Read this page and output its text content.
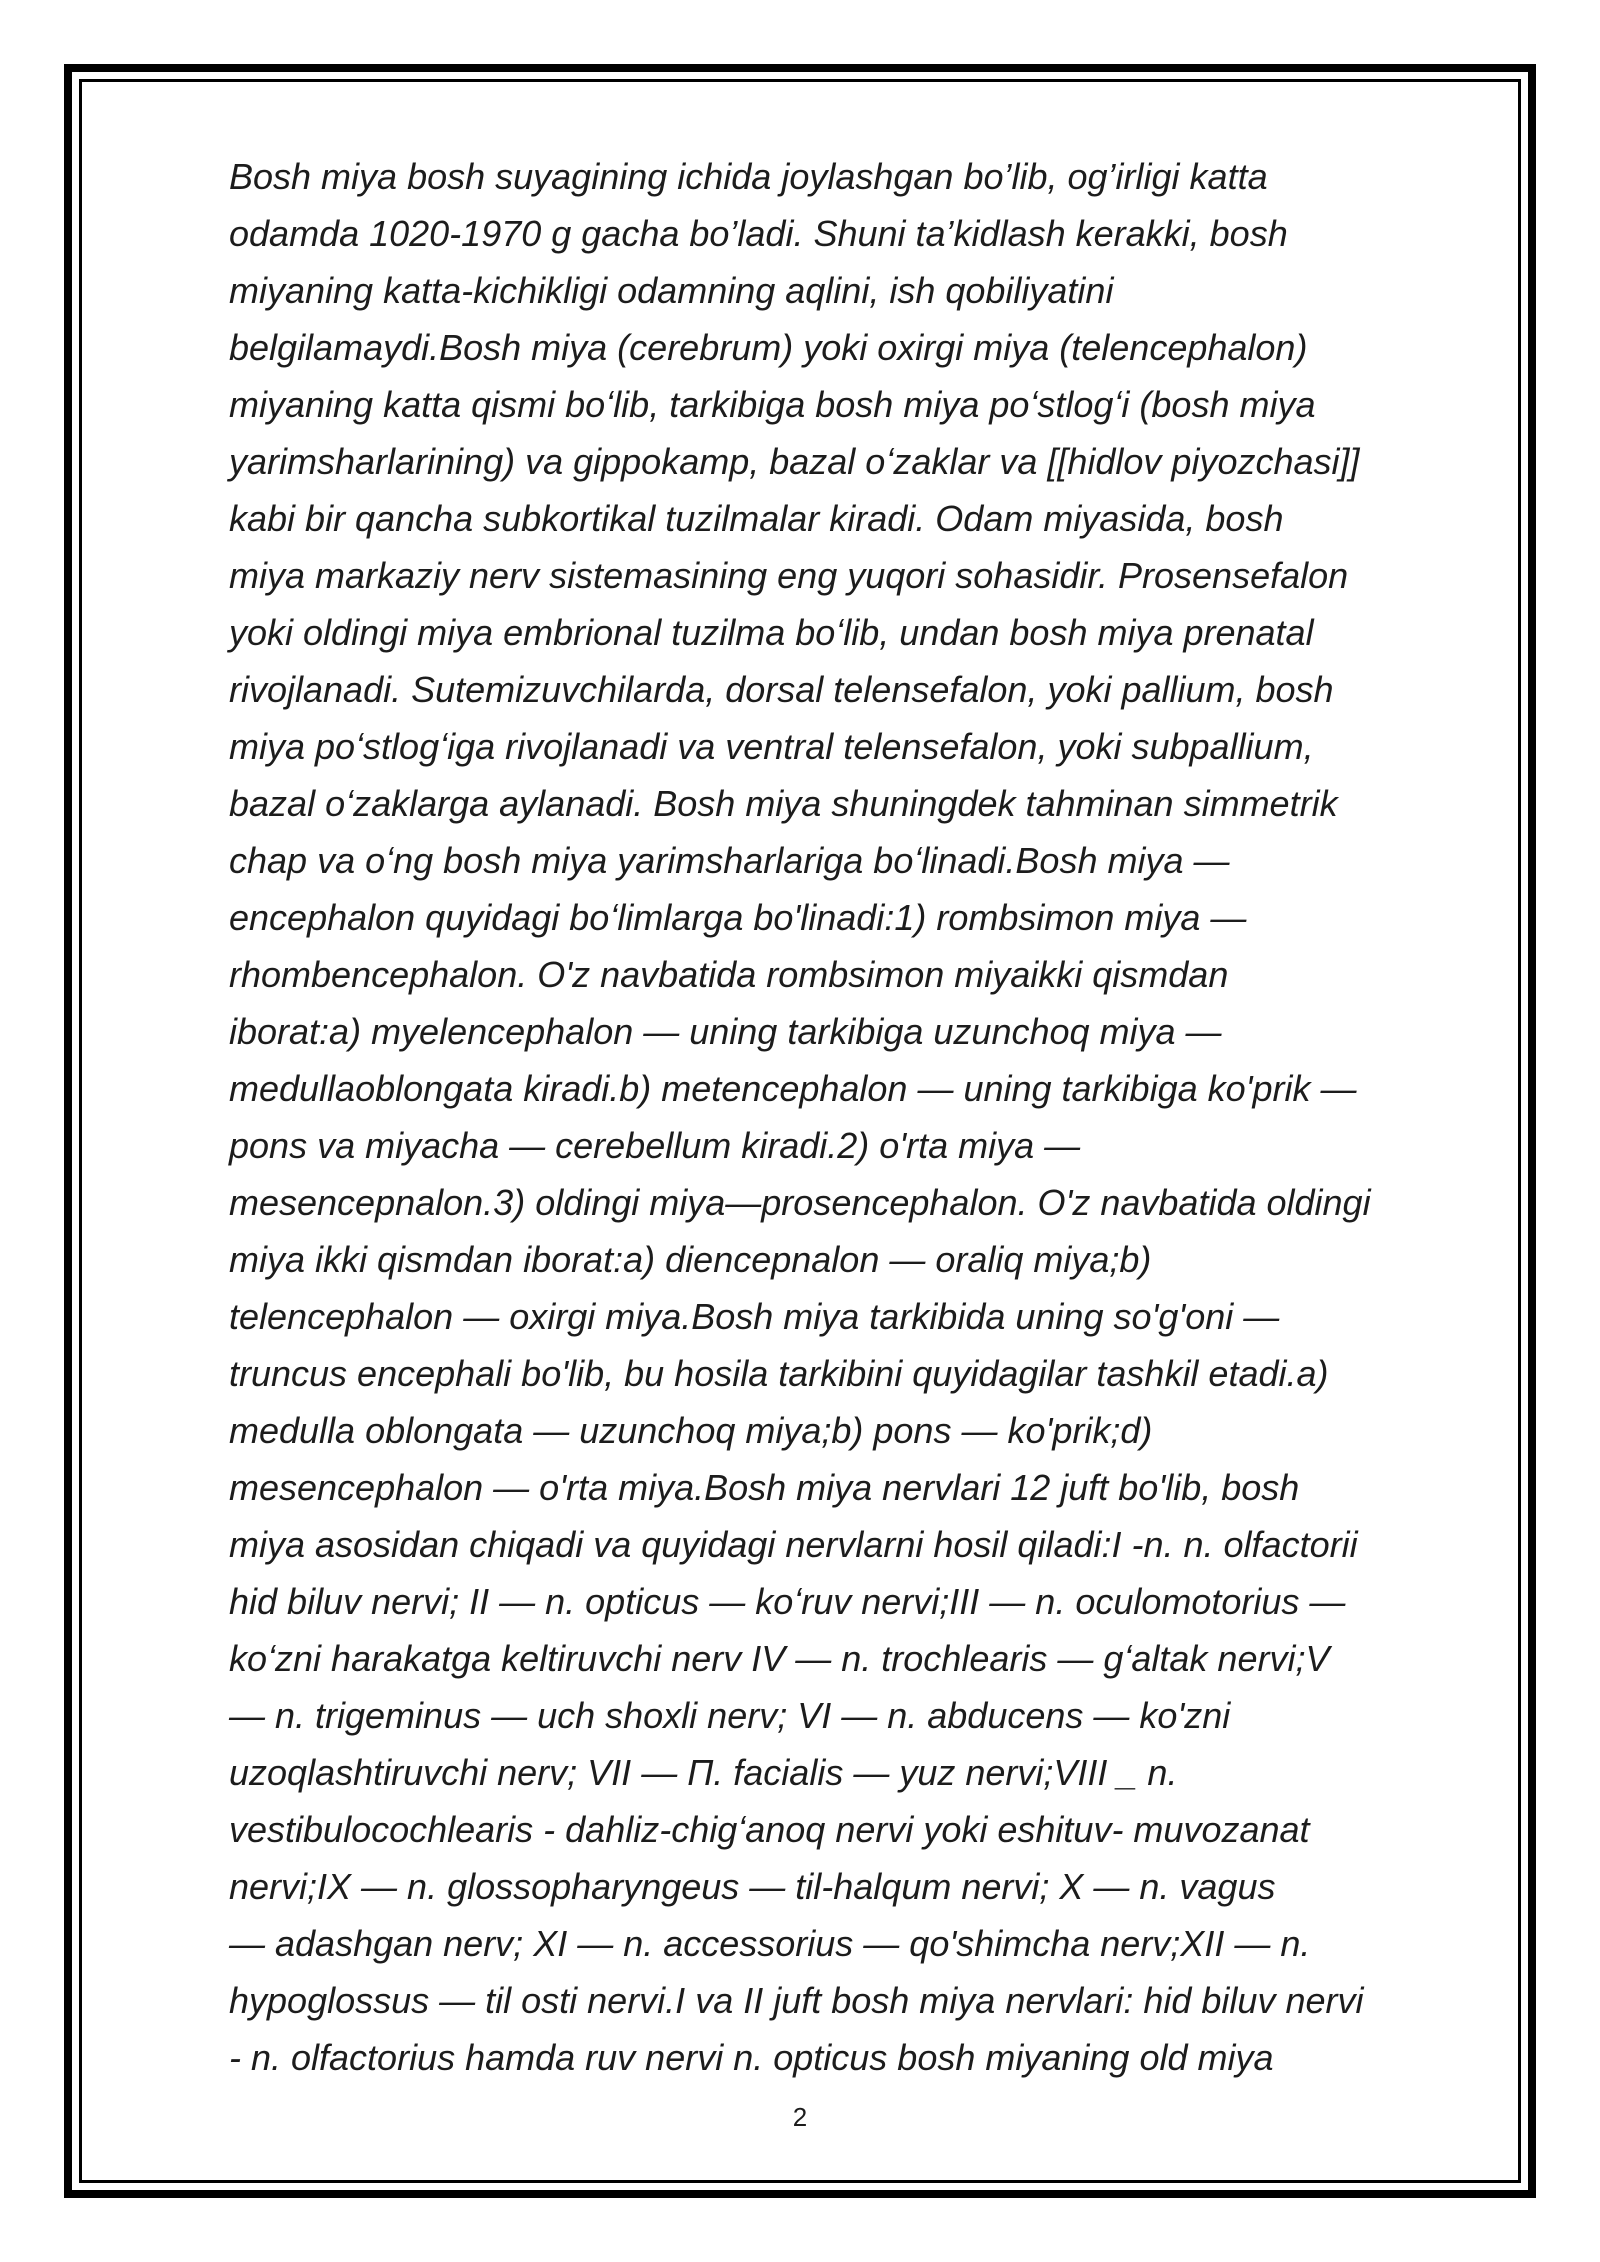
Bosh miya bosh suyagining ichida joylashgan bo’lib, og’irligi katta
odamda 1020-1970 g gacha bo’ladi. Shuni ta’kidlash kerakki, bosh
miyaning katta-kichikligi odamning aqlini, ish qobiliyatini
belgilamaydi.Bosh miya (cerebrum) yoki oxirgi miya (telencephalon)
miyaning katta qismi boʻlib, tarkibiga bosh miya poʻstlogʻi (bosh miya
yarimsharlarining) va gippokamp, bazal oʻzaklar va [[hidlov piyozchasi]]
kabi bir qancha subkortikal tuzilmalar kiradi. Odam miyasida, bosh
miya markaziy nerv sistemasining eng yuqori sohasidir. Prosensefalon
yoki oldingi miya embrional tuzilma boʻlib, undan bosh miya prenatal
rivojlanadi. Sutemizuvchilarda, dorsal telensefalon, yoki pallium, bosh
miya poʻstlogʻiga rivojlanadi va ventral telensefalon, yoki subpallium,
bazal oʻzaklarga aylanadi. Bosh miya shuningdek tahminan simmetrik
chap va oʻng bosh miya yarimsharlariga boʻlinadi.Bosh miya —
encephalon quyidagi boʻlimlarga bo'linadi:1) rombsimon miya —
rhombencephalon. O'z navbatida rombsimon miyaikki qismdan
iborat:a) myelencephalon — uning tarkibiga uzunchoq miya —
medullaoblongata kiradi.b) metencephalon — uning tarkibiga ko'prik —
pons va miyacha — cerebellum kiradi.2) o'rta miya —
mesencepnalon.3) oldingi miya—prosencephalon. O'z navbatida oldingi
miya ikki qismdan iborat:a) diencepnalon — oraliq miya;b)
telencephalon — oxirgi miya.Bosh miya tarkibida uning so'g'oni —
truncus encephali bo'lib, bu hosila tarkibini quyidagilar tashkil etadi.a)
medulla oblongata — uzunchoq miya;b) pons — ko'prik;d)
mesencephalon — o'rta miya.Bosh miya nervlari 12 juft bo'lib, bosh
miya asosidan chiqadi va quyidagi nervlarni hosil qiladi:I -n. n. olfactorii
hid biluv nervi; II — n. opticus — koʻruv nervi;III — n. oculomotorius —
koʻzni harakatga keltiruvchi nerv IV — n. trochlearis — gʻaltak nervi;V
— n. trigeminus — uch shoxli nerv; VI — n. abducens — ko'zni
uzoqlashtiruvchi nerv; VII — П. facialis — yuz nervi;VIII _ n.
vestibulocochlearis - dahliz-chigʻanoq nervi yoki eshituv- muvozanat
nervi;IX — n. glossopharyngeus — til-halqum nervi; X — n. vagus
— adashgan nerv; XI — n. accessorius — qo'shimcha nerv;XII — n.
hypoglossus — til osti nervi.I va II juft bosh miya nervlari: hid biluv nervi
- n. olfactorius hamda ruv nervi n. opticus bosh miyaning old miya
2
